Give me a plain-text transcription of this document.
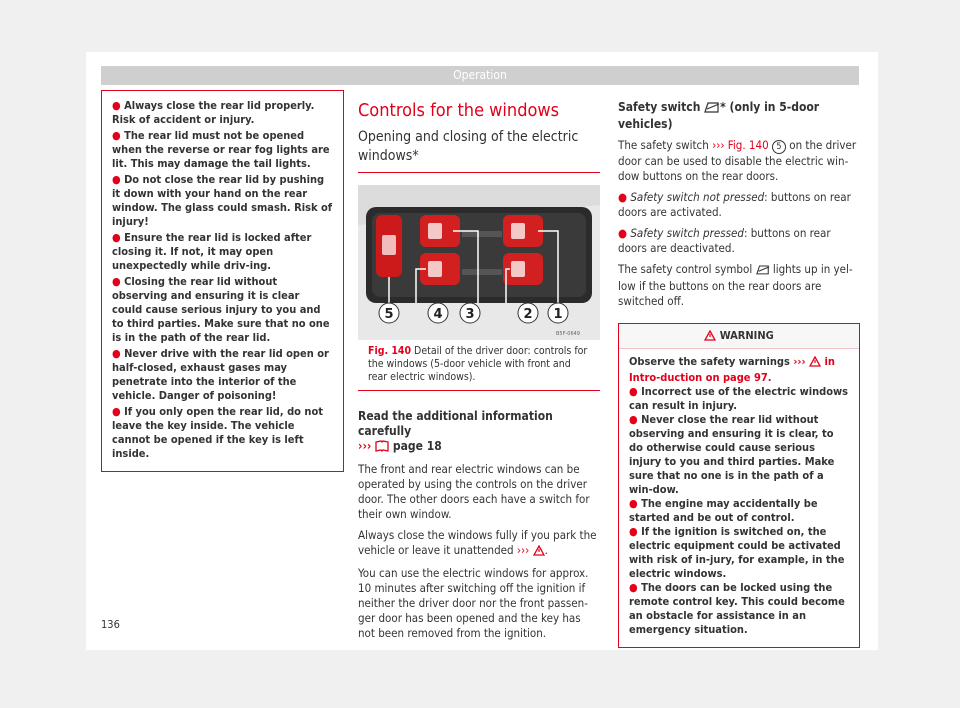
Operation
● Always close the rear lid properly. Risk of accident or injury.
● The rear lid must not be opened when the reverse or rear fog lights are lit. This may damage the tail lights.
● Do not close the rear lid by pushing it down with your hand on the rear window. The glass could smash. Risk of injury!
● Ensure the rear lid is locked after closing it. If not, it may open unexpectedly while driv-ing.
● Closing the rear lid without observing and ensuring it is clear could cause serious injury to you and to third parties. Make sure that no one is in the path of the rear lid.
● Never drive with the rear lid open or half-closed, exhaust gases may penetrate into the interior of the vehicle. Danger of poisoning!
● If you only open the rear lid, do not leave the key inside. The vehicle cannot be opened if the key is left inside.
Controls for the windows
Opening and closing of the electric windows*
5	4 3	2 1
B5F-0649
Fig. 140 Detail of the driver door: controls for the windows (5-door vehicle with front and rear electric windows).
Read the additional information carefully
››› page 18

The front and rear electric windows can be operated by using the controls on the driver door. The other doors each have a switch for their own window.

Always close the windows fully if you park the vehicle or leave it unattended ››› .

You can use the electric windows for approx. 10 minutes after switching off the ignition if neither the driver door nor the front passen-ger door has been opened and the key has not been removed from the ignition.

Safety switch * (only in 5-door vehicles)

The safety switch ››› Fig. 140 5 on the driver door can be used to disable the electric win-dow buttons on the rear doors.

● Safety switch not pressed: buttons on rear doors are activated.

● Safety switch pressed: buttons on rear doors are deactivated.

The safety control symbol lights up in yel-low if the buttons on the rear doors are switched off.

WARNING
Observe the safety warnings ››› in Intro-duction on page 97.
● Incorrect use of the electric windows can result in injury.
● Never close the rear lid without observing and ensuring it is clear, to do otherwise could cause serious injury to you and third parties. Make sure that no one is in the path of a win-dow.
● The engine may accidentally be started and be out of control.
● If the ignition is switched on, the electric equipment could be activated with risk of in-jury, for example, in the electric windows.
● The doors can be locked using the remote control key. This could become an obstacle for assistance in an emergency situation.
136
